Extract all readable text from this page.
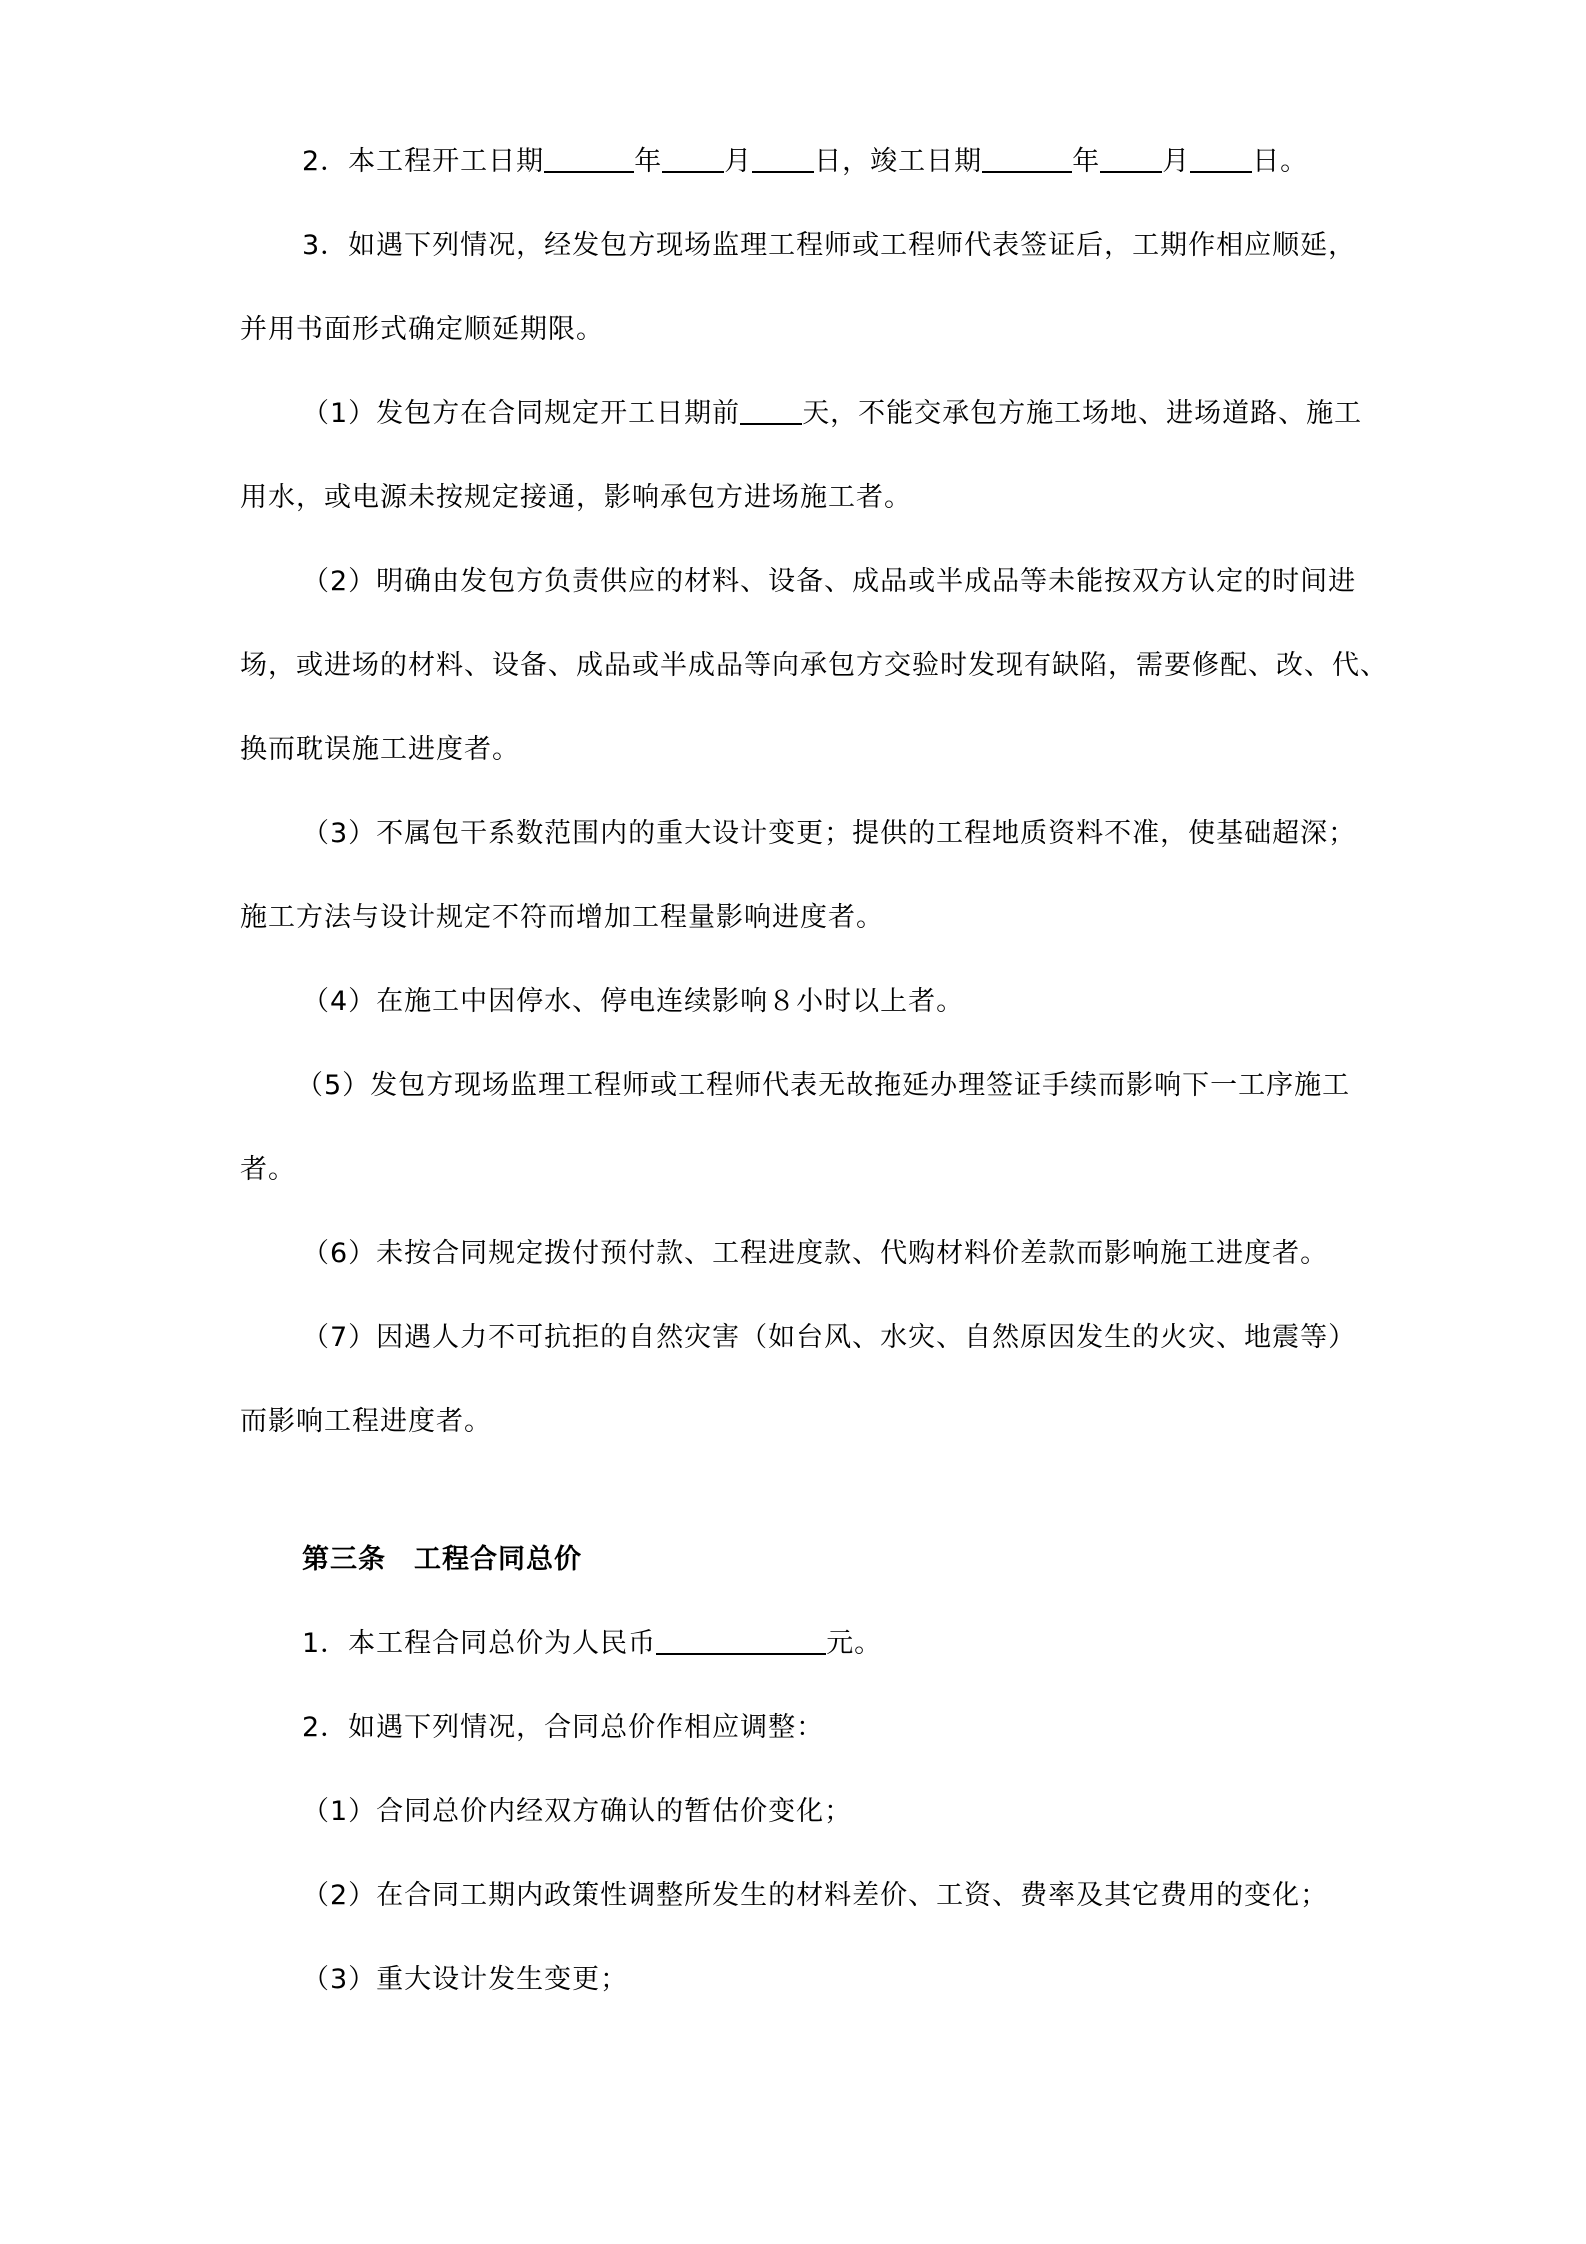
2．本工程开工日期	年 月 日，竣工日期	年 月 日。
3．如遇下列情况，经发包方现场监理工程师或工程师代表签证后，工期作相应顺延，
并用书面形式确定顺延期限。
（1）发包方在合同规定开工日期前 天，不能交承包方施工场地、进场道路、施工
用水，或电源未按规定接通，影响承包方进场施工者。
（2）明确由发包方负责供应的材料、设备、成品或半成品等未能按双方认定的时间进
场，或进场的材料、设备、成品或半成品等向承包方交验时发现有缺陷，需要修配、改、代、
换而耽误施工进度者。
（3）不属包干系数范围内的重大设计变更；提供的工程地质资料不准，使基础超深；
施工方法与设计规定不符而增加工程量影响进度者。
（4）在施工中因停水、停电连续影响８小时以上者。
（5）发包方现场监理工程师或工程师代表无故拖延办理签证手续而影响下一工序施工
者。
（6）未按合同规定拨付预付款、工程进度款、代购材料价差款而影响施工进度者。
（7）因遇人力不可抗拒的自然灾害（如台风、水灾、自然原因发生的火灾、地震等）
而影响工程进度者。
第三条　工程合同总价
1．本工程合同总价为人民币	元。
2．如遇下列情况，合同总价作相应调整：
（1）合同总价内经双方确认的暂估价变化；
（2）在合同工期内政策性调整所发生的材料差价、工资、费率及其它费用的变化；
（3）重大设计发生变更；
